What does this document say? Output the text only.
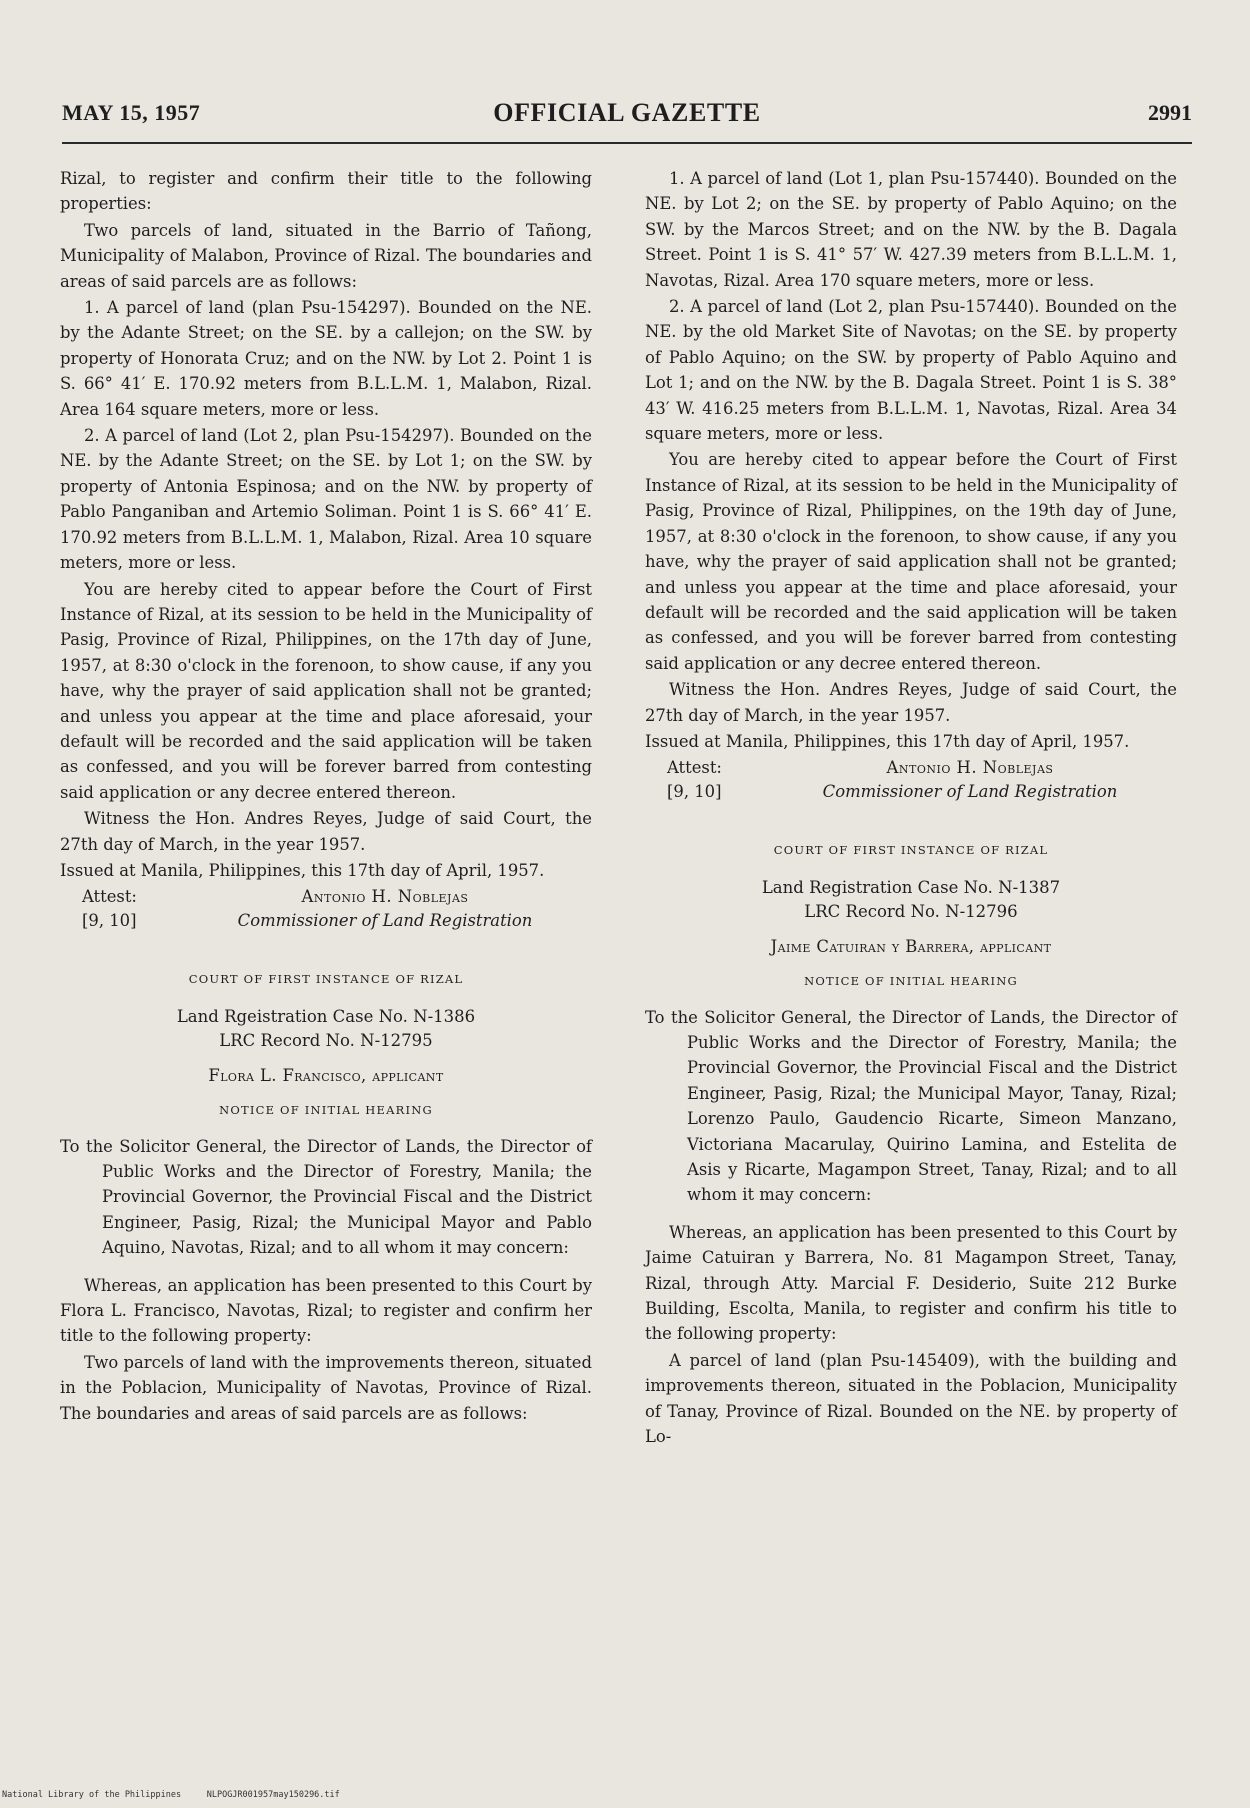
MAY 15, 1957	OFFICIAL GAZETTE	2991

Rizal, to register and confirm their title to the following properties:

Two parcels of land, situated in the Barrio of Tañong, Municipality of Malabon, Province of Rizal. The boundaries and areas of said parcels are as follows:

1. A parcel of land (plan Psu-154297). Bounded on the NE. by the Adante Street; on the SE. by a callejon; on the SW. by property of Honorata Cruz; and on the NW. by Lot 2. Point 1 is S. 66° 41′ E. 170.92 meters from B.L.L.M. 1, Malabon, Rizal. Area 164 square meters, more or less.

2. A parcel of land (Lot 2, plan Psu-154297). Bounded on the NE. by the Adante Street; on the SE. by Lot 1; on the SW. by property of Antonia Espinosa; and on the NW. by property of Pablo Panganiban and Artemio Soliman. Point 1 is S. 66° 41′ E. 170.92 meters from B.L.L.M. 1, Malabon, Rizal. Area 10 square meters, more or less.

You are hereby cited to appear before the Court of First Instance of Rizal, at its session to be held in the Municipality of Pasig, Province of Rizal, Philippines, on the 17th day of June, 1957, at 8:30 o'clock in the forenoon, to show cause, if any you have, why the prayer of said application shall not be granted; and unless you appear at the time and place aforesaid, your default will be recorded and the said application will be taken as confessed, and you will be forever barred from contesting said application or any decree entered thereon.

Witness the Hon. Andres Reyes, Judge of said Court, the 27th day of March, in the year 1957.

Issued at Manila, Philippines, this 17th day of April, 1957.

Attest:	Antonio H. Noblejas
[9, 10]	Commissioner of Land Registration
COURT OF FIRST INSTANCE OF RIZAL
Land Rgeistration Case No. N-1386
LRC Record No. N-12795
Flora L. Francisco, applicant
NOTICE OF INITIAL HEARING
To the Solicitor General, the Director of Lands, the Director of Public Works and the Director of Forestry, Manila; the Provincial Governor, the Provincial Fiscal and the District Engineer, Pasig, Rizal; the Municipal Mayor and Pablo Aquino, Navotas, Rizal; and to all whom it may concern:

Whereas, an application has been presented to this Court by Flora L. Francisco, Navotas, Rizal; to register and confirm her title to the following property:

Two parcels of land with the improvements thereon, situated in the Poblacion, Municipality of Navotas, Province of Rizal. The boundaries and areas of said parcels are as follows:

1. A parcel of land (Lot 1, plan Psu-157440). Bounded on the NE. by Lot 2; on the SE. by property of Pablo Aquino; on the SW. by the Marcos Street; and on the NW. by the B. Dagala Street. Point 1 is S. 41° 57′ W. 427.39 meters from B.L.L.M. 1, Navotas, Rizal. Area 170 square meters, more or less.

2. A parcel of land (Lot 2, plan Psu-157440). Bounded on the NE. by the old Market Site of Navotas; on the SE. by property of Pablo Aquino; on the SW. by property of Pablo Aquino and Lot 1; and on the NW. by the B. Dagala Street. Point 1 is S. 38° 43′ W. 416.25 meters from B.L.L.M. 1, Navotas, Rizal. Area 34 square meters, more or less.

You are hereby cited to appear before the Court of First Instance of Rizal, at its session to be held in the Municipality of Pasig, Province of Rizal, Philippines, on the 19th day of June, 1957, at 8:30 o'clock in the forenoon, to show cause, if any you have, why the prayer of said application shall not be granted; and unless you appear at the time and place aforesaid, your default will be recorded and the said application will be taken as confessed, and you will be forever barred from contesting said application or any decree entered thereon.

Witness the Hon. Andres Reyes, Judge of said Court, the 27th day of March, in the year 1957.

Issued at Manila, Philippines, this 17th day of April, 1957.

Attest:	Antonio H. Noblejas
[9, 10]	Commissioner of Land Registration
COURT OF FIRST INSTANCE OF RIZAL
Land Registration Case No. N-1387
LRC Record No. N-12796
Jaime Catuiran y Barrera, applicant
NOTICE OF INITIAL HEARING
To the Solicitor General, the Director of Lands, the Director of Public Works and the Director of Forestry, Manila; the Provincial Governor, the Provincial Fiscal and the District Engineer, Pasig, Rizal; the Municipal Mayor, Tanay, Rizal; Lorenzo Paulo, Gaudencio Ricarte, Simeon Manzano, Victoriana Macarulay, Quirino Lamina, and Estelita de Asis y Ricarte, Magampon Street, Tanay, Rizal; and to all whom it may concern:

Whereas, an application has been presented to this Court by Jaime Catuiran y Barrera, No. 81 Magampon Street, Tanay, Rizal, through Atty. Marcial F. Desiderio, Suite 212 Burke Building, Escolta, Manila, to register and confirm his title to the following property:

A parcel of land (plan Psu-145409), with the building and improvements thereon, situated in the Poblacion, Municipality of Tanay, Province of Rizal. Bounded on the NE. by property of Lo-

National Library of the Philippines	NLPOGJR001957may150296.tif
